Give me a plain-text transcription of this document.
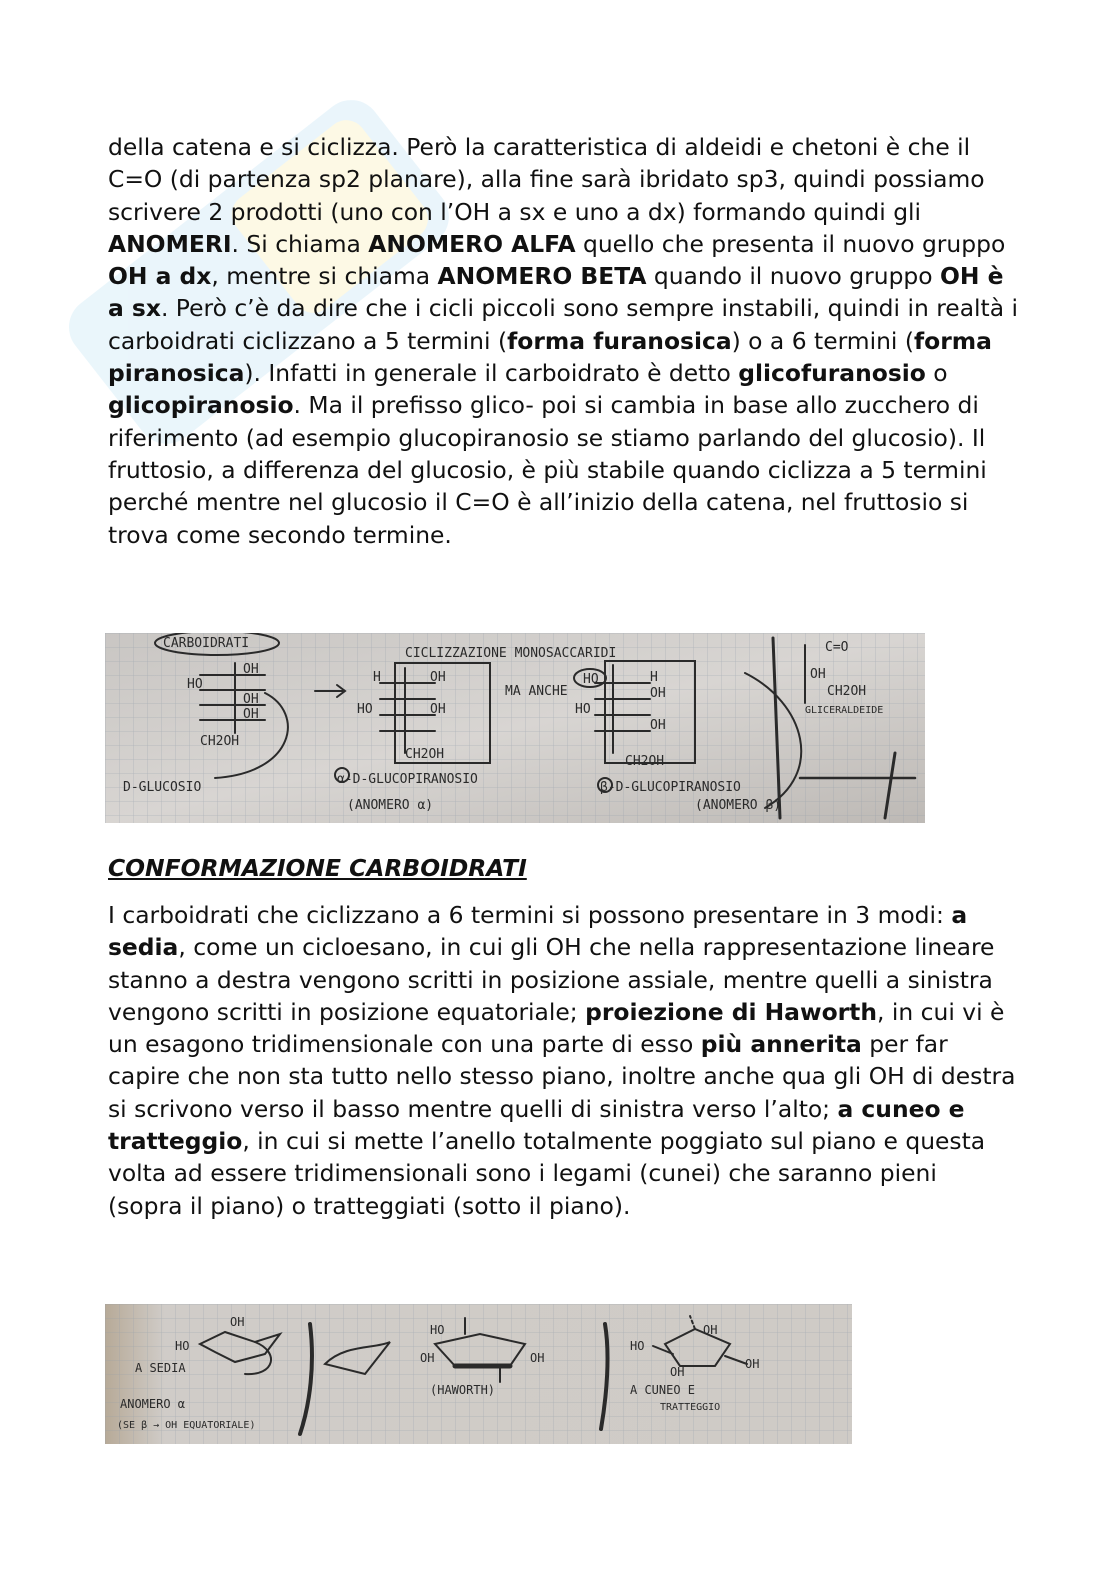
della catena e si ciclizza. Però la caratteristica di aldeidi e chetoni è che il C=O (di partenza sp2 planare), alla fine sarà ibridato sp3, quindi possiamo scrivere 2 prodotti (uno con l’OH a sx e uno a dx) formando quindi gli ANOMERI. Si chiama ANOMERO ALFA quello che presenta il nuovo gruppo OH a dx, mentre si chiama ANOMERO BETA quando il nuovo gruppo OH è a sx. Però c’è da dire che i cicli piccoli sono sempre instabili, quindi in realtà i carboidrati ciclizzano a 5 termini (forma furanosica) o a 6 termini (forma piranosica). Infatti in generale il carboidrato è detto glicofuranosio o glicopiranosio. Ma il prefisso glico- poi si cambia in base allo zucchero di riferimento (ad esempio glucopiranosio se stiamo parlando del glucosio). Il fruttosio, a differenza del glucosio, è più stabile quando ciclizza a 5 termini perché mentre nel glucosio il C=O è all’inizio della catena, nel fruttosio si trova come secondo termine.

CARBOIDRATI
CICLIZZAZIONE MONOSACCARIDI
OH
HO
OH
OH
CH2OH
D-GLUCOSIO
H	OH
HO	OH
CH2OH
MA ANCHE
α-D-GLUCOPIRANOSIO
(ANOMERO α)
HO	H
OH
HO
OH
CH2OH
β-D-GLUCOPIRANOSIO
(ANOMERO β)
C=O
OH
CH2OH
GLICERALDEIDE
CONFORMAZIONE CARBOIDRATI

I carboidrati che ciclizzano a 6 termini si possono presentare in 3 modi: a sedia, come un cicloesano, in cui gli OH che nella rappresentazione lineare stanno a destra vengono scritti in posizione assiale, mentre quelli a sinistra vengono scritti in posizione equatoriale; proiezione di Haworth, in cui vi è un esagono tridimensionale con una parte di esso più annerita per far capire che non sta tutto nello stesso piano, inoltre anche qua gli OH di destra si scrivono verso il basso mentre quelli di sinistra verso l’alto; a cuneo e tratteggio, in cui si mette l’anello totalmente poggiato sul piano e questa volta ad essere tridimensionali sono i legami (cunei) che saranno pieni (sopra il piano) o tratteggiati (sotto il piano).

OH
HO
A SEDIA
ANOMERO α
(SE β → OH EQUATORIALE)
HO
OH	OH
(HAWORTH)
HO
OH
OH
OH
A CUNEO E
TRATTEGGIO
